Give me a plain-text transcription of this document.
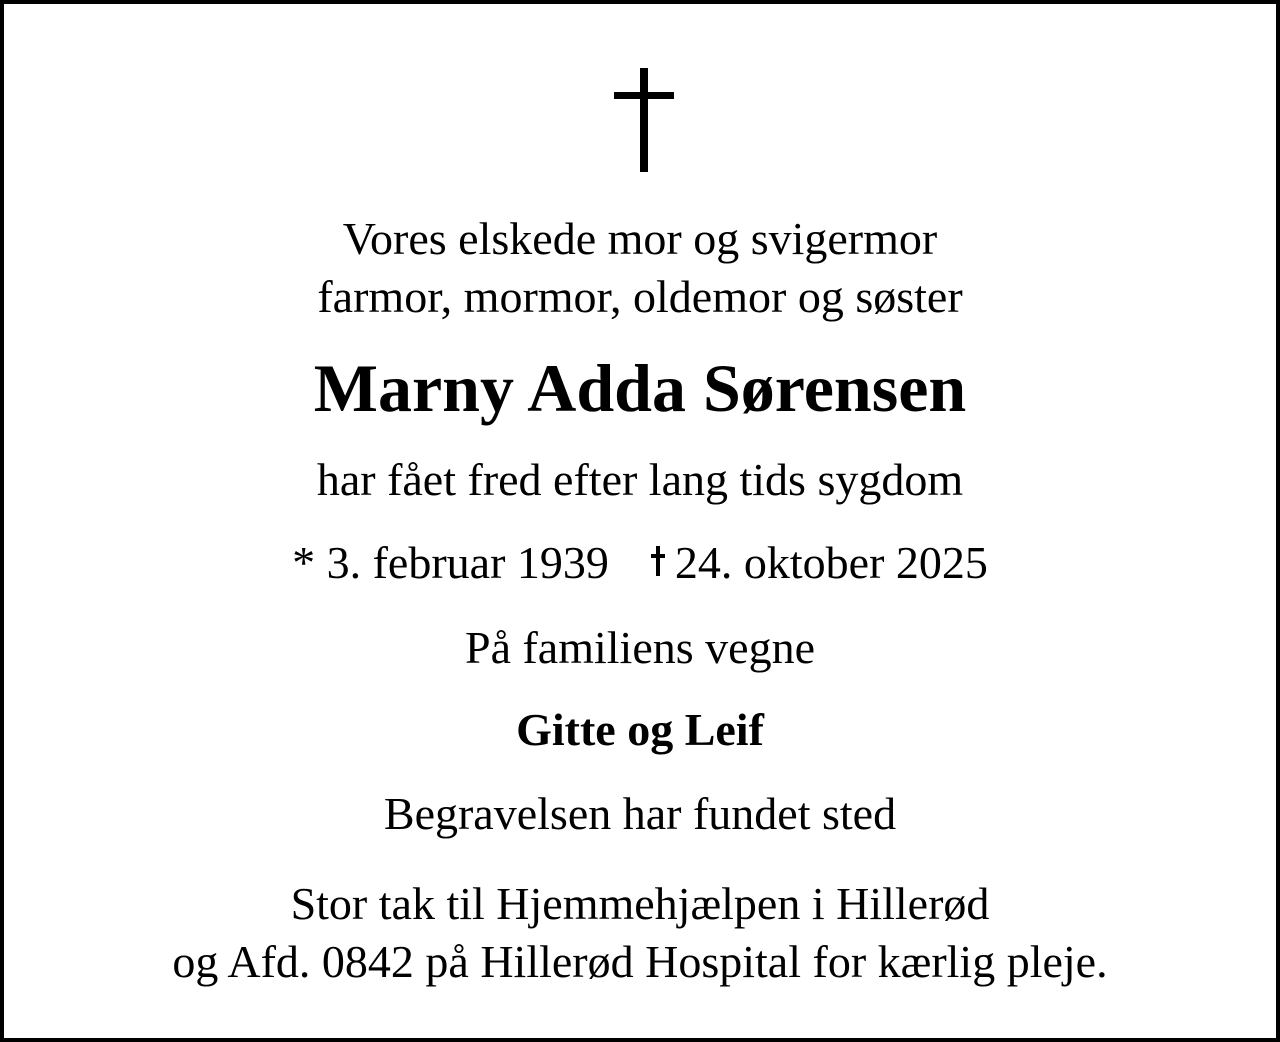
Vores elskede mor og svigermor
farmor, mormor, oldemor og søster
Marny Adda Sørensen
har fået fred efter lang tids sygdom
* 3. februar 1939 24. oktober 2025
På familiens vegne
Gitte og Leif
Begravelsen har fundet sted
Stor tak til Hjemmehjælpen i Hillerød
og Afd. 0842 på Hillerød Hospital for kærlig pleje.
